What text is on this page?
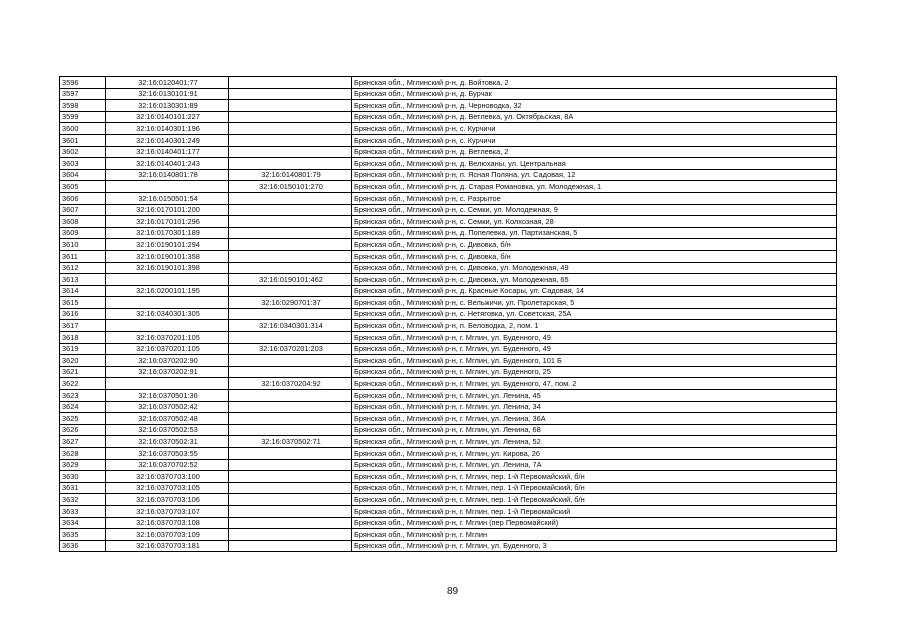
3596	32:16:0120401:77		Брянская обл., Мглинский р-н, д. Войтовка, 2
3597	32:16:0130101:91		Брянская обл., Мглинский р-н, д. Бурчак
3598	32:16:0130301:89		Брянская обл., Мглинский р-н, д. Черноводка, 32
3599	32:16:0140101:227		Брянская обл., Мглинский р-н, д. Ветлевка, ул. Октябрьская, 8А
3600	32:16:0140301:196		Брянская обл., Мглинский р-н, с. Курчичи
3601	32:16:0140301:249		Брянская обл., Мглинский р-н, с. Курчичи
3602	32:16:0140401:177		Брянская обл., Мглинский р-н, д. Ветлевка, 2
3603	32:16:0140401:243		Брянская обл., Мглинский р-н, д. Велюханы, ул. Центральная
3604	32:16:0140801:78	32:16:0140801:79	Брянская обл., Мглинский р-н, п. Ясная Поляна, ул. Садовая, 12
3605		32:16:0150101:270	Брянская обл., Мглинский р-н, д. Старая Романовка, ул. Молодежная, 1
3606	32:16:0150501:54		Брянская обл., Мглинский р-н, с. Разрытое
3607	32:16:0170101:200		Брянская обл., Мглинский р-н, с. Семки, ул. Молодежная, 9
3608	32:16:0170101:296		Брянская обл., Мглинский р-н, с. Семки, ул. Колхозная, 28
3609	32:16:0170301:189		Брянская обл., Мглинский р-н, д. Попелевка, ул. Партизанская, 5
3610	32:16:0190101:294		Брянская обл., Мглинский р-н, с. Дивовка, б/н
3611	32:16:0190101:358		Брянская обл., Мглинский р-н, с. Дивовка, б/н
3612	32:16:0190101:398		Брянская обл., Мглинский р-н, с. Дивовка, ул. Молодежная, 49
3613		32:16:0190101:462	Брянская обл., Мглинский р-н, с. Дивовка, ул. Молодежная, 65
3614	32:16:0200101:195		Брянская обл., Мглинский р-н, д. Красные Косары, ул. Садовая, 14
3615		32:16:0290701:37	Брянская обл., Мглинский р-н, с. Вельжичи, ул. Пролетарская, 5
3616	32:16:0340301:305		Брянская обл., Мглинский р-н, с. Нетяговка, ул. Советская, 25А
3617		32:16:0340301:314	Брянская обл., Мглинский р-н, п. Беловодка, 2, пом. 1
3618	32:16:0370201:105		Брянская обл., Мглинский р-н, г. Мглин, ул. Буденного, 49
3619	32:16:0370201:105	32:16:0370201:203	Брянская обл., Мглинский р-н, г. Мглин, ул. Буденного, 49
3620	32:16:0370202:90		Брянская обл., Мглинский р-н, г. Мглин, ул. Буденного, 101 Б
3621	32:16:0370202:91		Брянская обл., Мглинский р-н, г. Мглин, ул. Буденного, 25
3622		32:16:0370204:92	Брянская обл., Мглинский р-н, г. Мглин, ул. Буденного, 47, пом. 2
3623	32:16:0370501:36		Брянская обл., Мглинский р-н, г. Мглин, ул. Ленина, 45
3624	32:16:0370502:42		Брянская обл., Мглинский р-н, г. Мглин, ул. Ленина, 34
3625	32:16:0370502:48		Брянская обл., Мглинский р-н, г. Мглин, ул. Ленина, 36А
3626	32:16:0370502:53		Брянская обл., Мглинский р-н, г. Мглин, ул. Ленина, 68
3627	32:16:0370502:31	32:16:0370502:71	Брянская обл., Мглинский р-н, г. Мглин, ул. Ленина, 52
3628	32:16:0370503:55		Брянская обл., Мглинский р-н, г. Мглин, ул. Кирова, 26
3629	32:16:0370702:52		Брянская обл., Мглинский р-н, г. Мглин, ул. Ленина, 7А
3630	32:16:0370703:100		Брянская обл., Мглинский р-н, г. Мглин, пер. 1-й Первомайский, б/н
3631	32:16:0370703:105		Брянская обл., Мглинский р-н, г. Мглин, пер. 1-й Первомайский, б/н
3632	32:16:0370703:106		Брянская обл., Мглинский р-н, г. Мглин, пер. 1-й Первомайский, б/н
3633	32:16:0370703:107		Брянская обл., Мглинский р-н, г. Мглин, пер. 1-й Первомайский
3634	32:16:0370703:108		Брянская обл., Мглинский р-н, г. Мглин (пер Первомайский)
3635	32:16:0370703:109		Брянская обл., Мглинский р-н, г. Мглин
3636	32:16:0370703:181		Брянская обл., Мглинский р-н, г. Мглин, ул. Буденного, 3
89
